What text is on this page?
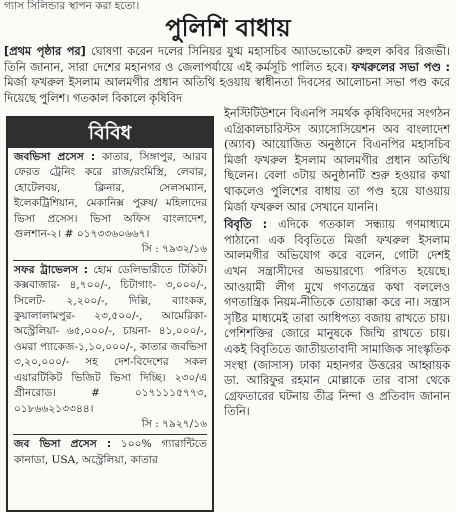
গ্যাস সিলিন্ডার স্থাপন করা হতো।
পুলিশি বাধায়
[প্রথম পৃষ্ঠার পর] ঘোষণা করেন দলের সিনিয়র যুগ্ম মহাসচিব অ্যাডভোকেট রুহুল কবির রিজভী। তিনি জানান, সারা দেশের মহানগর ও জেলাপর্যায়ে এই কর্মসূচি পালিত হবে। ফখরুলের সভা পণ্ড : মির্জা ফখরুল ইসলাম আলমগীর প্রধান অতিথি হওয়ায় স্বাধীনতা দিবসের আলোচনা সভা পণ্ড করে দিয়েছে পুলিশ। গতকাল বিকালে কৃষিবিদ

ইনস্টিটিউশনে বিএনপি সমর্থক কৃষিবিদদের সংগঠন এগ্রিকালচারিস্টস অ্যাসোসিয়েশন অব বাংলাদেশ (অ্যাব) আয়োজিত অনুষ্ঠানে বিএনপির মহাসচিব মির্জা ফখরুল ইসলাম আলমগীর প্রধান অতিথি ছিলেন। বেলা ৩টায় অনুষ্ঠানটি শুরু হওয়ার কথা থাকলেও পুলিশের বাধায় তা পণ্ড হয়ে যাওয়ায় মির্জা ফখরুল আর সেখানে যাননি।

বিবৃতি : এদিকে গতকাল সন্ধ্যায় গণমাধ্যমে পাঠানো এক বিবৃতিতে মির্জা ফখরুল ইসলাম আলমগীর অভিযোগ করে বলেন, গোটা দেশই এখন সন্ত্রাসীদের অভয়ারণ্যে পরিণত হয়েছে। আওয়ামী লীগ মুখে গণতন্ত্রের কথা বললেও গণতান্ত্রিক নিয়ম-নীতিকে তোয়াক্কা করে না। সন্ত্রাস সৃষ্টির মাধ্যমেই তারা আধিপত্য বজায় রাখতে চায়। পেশিশক্তির জোরে মানুষকে জিম্মি রাখতে চায়। একই বিবৃতিতে জাতীয়তাবাদী সামাজিক সাংস্কৃতিক সংস্থা (জাসাস) ঢাকা মহানগর উত্তরের আহ্বায়ক ডা. আরিফুর রহমান মোল্লাকে তার বাসা থেকে গ্রেফতারের ঘটনায় তীব্র নিন্দা ও প্রতিবাদ জানান তিনি।

বিবিধ
জবভিসা প্রসেস : কাতার, সিঙ্গাপুর, আরব ফেরত ট্রেনিং করে রাজ/রংমিস্ত্রি, লেবার, হোটেলবয়, ক্লিনার, সেলসম্যান, ইলেকট্রিশিয়ান, মেকানিক্স পুরুষ/ মহিলাদের ভিসা প্রসেস। ভিসা অফিস বাংলাদেশ, গুলশান-২। # ০১৭৩৩৬০৬৬৭।
সি : ৭৯৩২/১৬
সফর ট্রাভেলস : হোম ডেলিভারীতে টিকিট। কক্সবাজার- ৪,৭০০/-, চিটাগাং- ৩,০০০/-, সিলেট- ২,২০০/-, দিল্লি, ব্যাংকক, কুয়ালালামপুর- ২৩,৫০০/-, আমেরিকা-অস্ট্রেলিয়া- ৬৫,০০০/-, চায়না- ৪১,০০০/-, ওমরা প্যাকেজ-১,১০,০০০/-, কাতার জবভিসা ৩,২০,০০০/- সহ দেশ-বিদেশের সকল এয়ারটিকিট ভিজিট ভিসা দিচ্ছি। ২৩০/এ গ্রীনরোড। # ০১৭১১১৫৭৭৩, ০১৮৬৬২১৩৩৪৪।
সি : ৭৯২৭/১৬
জব ভিসা প্রসেস : ১০০% গ্যারান্টিতে কানাডা, USA, অস্ট্রেলিয়া, কাতার
